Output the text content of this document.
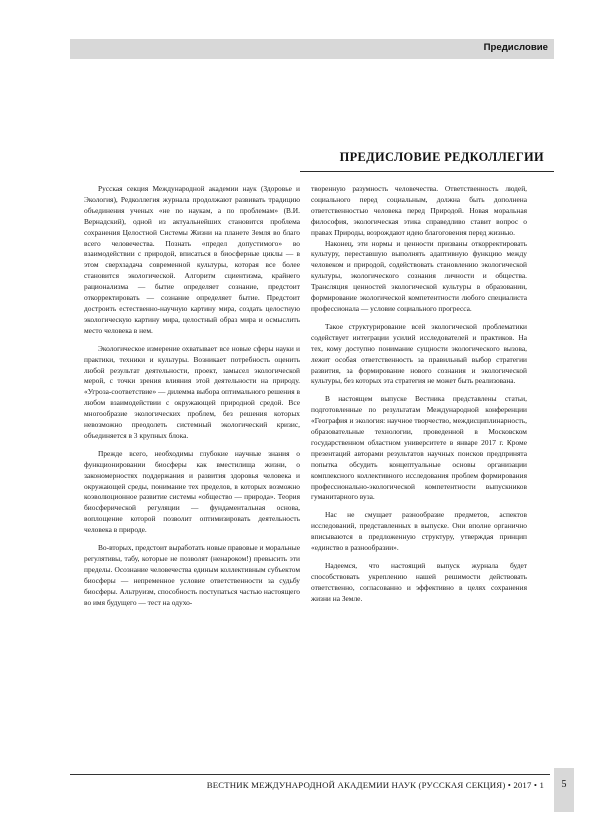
Предисловие
ПРЕДИСЛОВИЕ РЕДКОЛЛЕГИИ

Русская секция Международной академии наук (Здоровье и Экология), Редколлегия журнала продолжают развивать традицию объединения ученых «не по наукам, а по проблемам» (В.И. Вернадский), одной из актуальнейших становится проблема сохранения Целостной Системы Жизни на планете Земля во благо всего человечества. Познать «предел допустимого» во взаимодействии с природой, вписаться в биосферные циклы — в этом сверхзадача современной культуры, которая все более становится экологической. Алгоритм сциентизма, крайнего рационализма — бытие определяет сознание, предстоит откорректировать — сознание определяет бытие. Предстоит достроить естественно-научную картину мира, создать целостную экологическую картину мира, целостный образ мира и осмыслить место человека в нем.

Экологическое измерение охватывает все новые сферы науки и практики, техники и культуры. Возникает потребность оценить любой результат деятельности, проект, замысел экологической мерой, с точки зрения влияния этой деятельности на природу. «Угроза-соответствие» — дилемма выбора оптимального решения в любом взаимодействии с окружающей природной средой. Все многообразие экологических проблем, без решения которых невозможно преодолеть системный экологический кризис, объединяется в 3 крупных блока.

Прежде всего, необходимы глубокие научные знания о функционировании биосферы как вместилища жизни, о закономерностях поддержания и развития здоровья человека и окружающей среды, понимание тех пределов, в которых возможно коэволюционное развитие системы «общество — природа». Теория биосферической регуляции — фундаментальная основа, воплощение которой позволит оптимизировать деятельность человека в природе.

Во-вторых, предстоит выработать новые правовые и моральные регулятивы, табу, которые не позволят (ненароком!) превысить эти пределы. Осознание человечества единым коллективным субъектом биосферы — непременное условие ответственности за судьбу биосферы. Альтруизм, способность поступаться частью настоящего во имя будущего — тест на одухо-

творенную разумность человечества. Ответственность людей, социального перед социальным, должна быть дополнена ответственностью человека перед Природой. Новая моральная философия, экологическая этика справедливо ставит вопрос о правах Природы, возрождают идею благоговения перед жизнью.

Наконец, эти нормы и ценности призваны откорректировать культуру, переставшую выполнять адаптивную функцию между человеком и природой, содействовать становлению экологической культуры, экологического сознания личности и общества. Трансляция ценностей экологической культуры в образовании, формирование экологической компетентности любого специалиста профессионала — условие социального прогресса.

Такое структурирование всей экологической проблематики содействует интеграции усилий исследователей и практиков. На тех, кому доступно понимание сущности экологического вызова, лежит особая ответственность за правильный выбор стратегии развития, за формирование нового сознания и экологической культуры, без которых эта стратегия не может быть реализована.

В настоящем выпуске Вестника представлены статьи, подготовленные по результатам Международной конференции «География и экология: научное творчество, междисциплинарность, образовательные технологии, проведенной в Московском государственном областном университете в январе 2017 г. Кроме презентаций авторами результатов научных поисков предпринята попытка обсудить концептуальные основы организации комплексного коллективного исследования проблем формирования профессионально-экологической компетентности выпускников гуманитарного вуза.

Нас не смущает разнообразие предметов, аспектов исследований, представленных в выпуске. Они вполне органично вписываются в предложенную структуру, утверждая принцип «единство в разнообразии».

Надеемся, что настоящий выпуск журнала будет способствовать укреплению нашей решимости действовать ответственно, согласованно и эффективно в целях сохранения жизни на Земле.

ВЕСТНИК МЕЖДУНАРОДНОЙ АКАДЕМИИ НАУК (РУССКАЯ СЕКЦИЯ) • 2017 • 1	5
